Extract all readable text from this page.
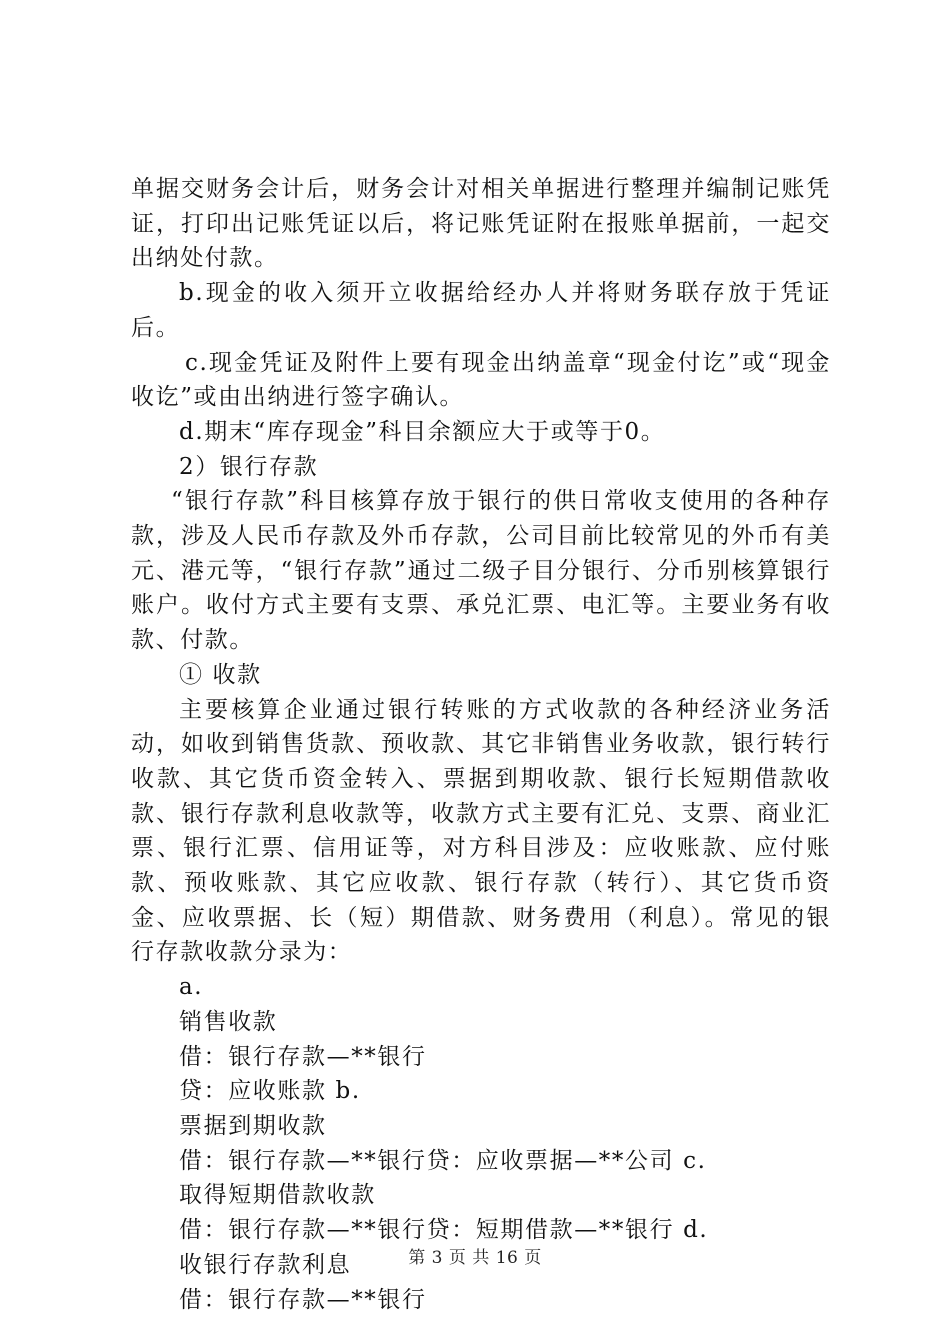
单据交财务会计后，财务会计对相关单据进行整理并编制记账凭证，打印出记账凭证以后，将记账凭证附在报账单据前，一起交出纳处付款。

b.现金的收入须开立收据给经办人并将财务联存放于凭证后。

c.现金凭证及附件上要有现金出纳盖章“现金付讫”或“现金收讫”或由出纳进行签字确认。

d.期末“库存现金”科目余额应大于或等于0。

2）银行存款

“银行存款”科目核算存放于银行的供日常收支使用的各种存款，涉及人民币存款及外币存款，公司目前比较常见的外币有美元、港元等，“银行存款”通过二级子目分银行、分币别核算银行账户。收付方式主要有支票、承兑汇票、电汇等。主要业务有收款、付款。

① 收款

主要核算企业通过银行转账的方式收款的各种经济业务活动，如收到销售货款、预收款、其它非销售业务收款，银行转行收款、其它货币资金转入、票据到期收款、银行长短期借款收款、银行存款利息收款等，收款方式主要有汇兑、支票、商业汇票、银行汇票、信用证等，对方科目涉及：应收账款、应付账款、预收账款、其它应收款、银行存款（转行）、其它货币资金、应收票据、长（短）期借款、财务费用（利息）。常见的银行存款收款分录为：

a.

销售收款

借：银行存款—**银行

贷：应收账款 b.

票据到期收款

借：银行存款—**银行贷：应收票据—**公司 c.

取得短期借款收款

借：银行存款—**银行贷：短期借款—**银行 d.

收银行存款利息

借：银行存款—**银行

第 3 页 共 16 页
